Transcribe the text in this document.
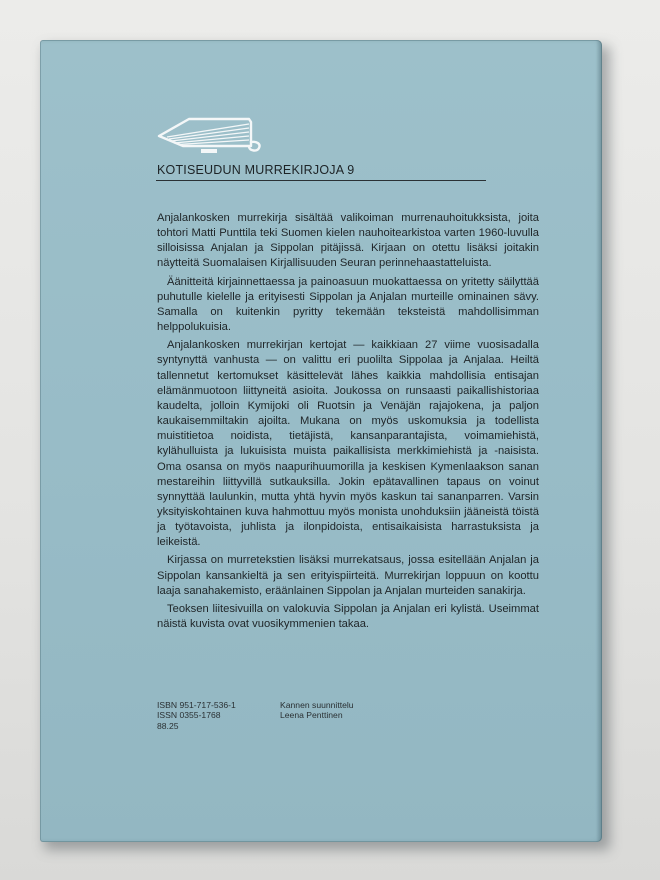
KOTISEUDUN MURREKIRJOJA 9

Anjalankosken murrekirja sisältää valikoiman murrenauhoitukksista, joita tohtori Matti Punttila teki Suomen kielen nauhoitearkistoa varten 1960-luvulla silloisissa Anjalan ja Sippolan pitäjissä. Kirjaan on otettu lisäksi joitakin näytteitä Suomalaisen Kirjallisuuden Seuran perinnehaastatteluista.

Äänitteitä kirjainnettaessa ja painoasuun muokattaessa on yritetty säilyttää puhutulle kielelle ja erityisesti Sippolan ja Anjalan murteille ominainen sävy. Samalla on kuitenkin pyritty tekemään teksteistä mahdollisimman helppolukuisia.

Anjalankosken murrekirjan kertojat — kaikkiaan 27 viime vuosisadalla syntynyttä vanhusta — on valittu eri puolilta Sippolaa ja Anjalaa. Heiltä tallennetut kertomukset käsittelevät lähes kaikkia mahdollisia entisajan elämänmuotoon liittyneitä asioita. Joukossa on runsaasti paikallishistoriaa kaudelta, jolloin Kymijoki oli Ruotsin ja Venäjän rajajokena, ja paljon kaukaisemmiltakin ajoilta. Mukana on myös uskomuksia ja todellista muistitietoa noidista, tietäjistä, kansanparantajista, voimamiehistä, kylähulluista ja lukuisista muista paikallisista merkkimiehistä ja -naisista. Oma osansa on myös naapurihuumorilla ja keskisen Kymenlaakson sanan mestareihin liittyvillä sutkauksilla. Jokin epätavallinen tapaus on voinut synnyttää laulunkin, mutta yhtä hyvin myös kaskun tai sananparren. Varsin yksityiskohtainen kuva hahmottuu myös monista unohduksiin jääneistä töistä ja työtavoista, juhlista ja ilonpidoista, entisaikaisista harrastuksista ja leikeistä.

Kirjassa on murretekstien lisäksi murrekatsaus, jossa esitellään Anjalan ja Sippolan kansankieltä ja sen erityispiirteitä. Murrekirjan loppuun on koottu laaja sanahakemisto, eräänlainen Sippolan ja Anjalan murteiden sanakirja.

Teoksen liitesivuilla on valokuvia Sippolan ja Anjalan eri kylistä. Useimmat näistä kuvista ovat vuosikymmenien takaa.

ISBN 951-717-536-1
ISSN 0355-1768
88.25
Kannen suunnittelu
Leena Penttinen
